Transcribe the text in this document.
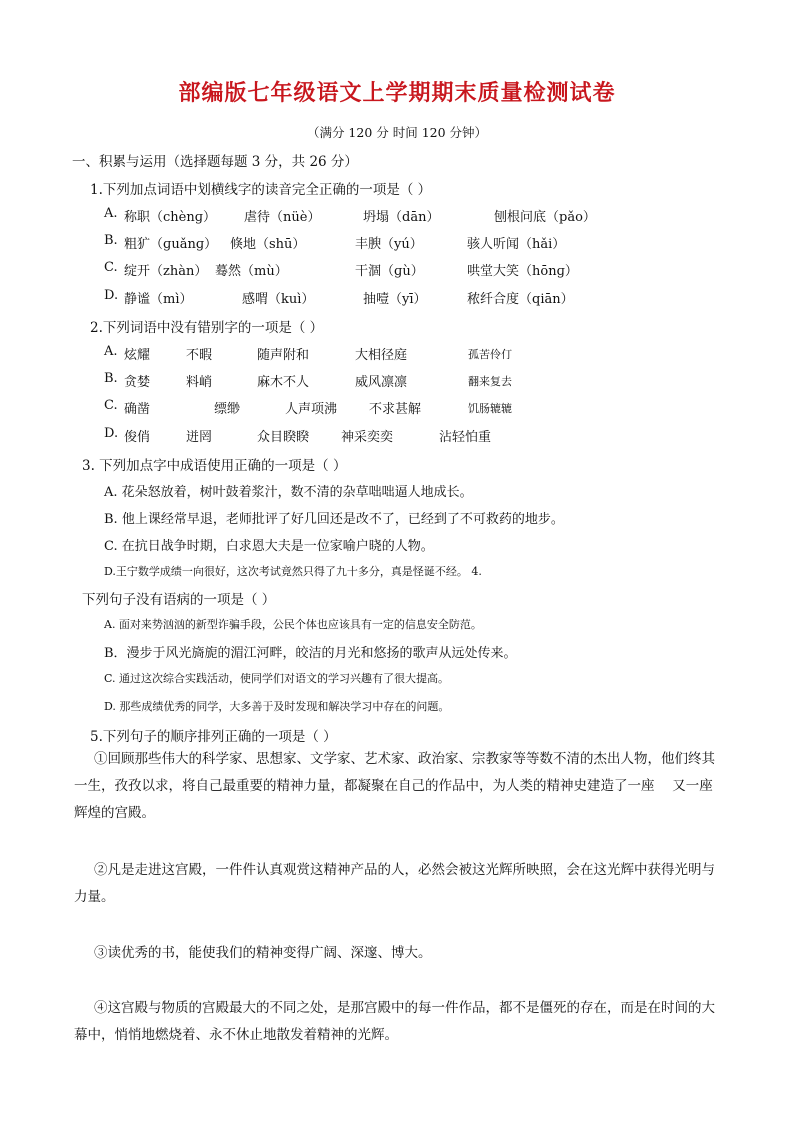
部编版七年级语文上学期期末质量检测试卷
（满分 120 分 时间 120 分钟）
一、积累与运用（选择题每题 3 分，共 26 分）
1.下列加点词语中划横线字的读音完全正确的一项是（ ）
A. 称职（chènɡ） 虐待（nüè）	坍塌（dān）	刨根问底（pǎo）
B. 粗犷（ɡuǎnɡ） 倏地（shū）	丰腴（yú）	骇人听闻（hǎi）
C. 绽开（zhàn） 蓦然（mù）	干涸（ɡù）	哄堂大笑（hōnɡ）
D. 静谧（mì）	感喟（kuì）	抽噎（yī）	秾纤合度（qiān）
2.下列词语中没有错别字的一项是（ ）
A. 炫耀	不暇	随声附和	大相径庭	孤苦伶仃
B. 贪婪	料峭	麻木不人	威风凛凛	翻来复去
C. 确凿	缥缈	人声项沸 不求甚解	饥肠辘辘
D. 俊俏	迸罔	众目睽睽 神采奕奕	沾轻怕重
3. 下列加点字中成语使用正确的一项是（ ）
A. 花朵怒放着，树叶鼓着浆汁，数不清的杂草咄咄逼人地成长。
B. 他上课经常早退，老师批评了好几回还是改不了，已经到了不可救药的地步。
C. 在抗日战争时期，白求恩大夫是一位家喻户晓的人物。
D.王宁数学成绩一向很好，这次考试竟然只得了九十多分，真是怪诞不经。 4.
下列句子没有语病的一项是（ ）
A. 面对来势汹汹的新型诈骗手段，公民个体也应该具有一定的信息安全防范。
B．漫步于风光旖旎的湄江河畔，皎洁的月光和悠扬的歌声从远处传来。
C. 通过这次综合实践活动，使同学们对语文的学习兴趣有了很大提高。
D. 那些成绩优秀的同学，大多善于及时发现和解决学习中存在的问题。
5.下列句子的顺序排列正确的一项是（ ）
①回顾那些伟大的科学家、思想家、文学家、艺术家、政治家、宗教家等等数不清的杰出人物，他们终其一生，孜孜以求，将自己最重要的精神力量，都凝聚在自己的作品中，为人类的精神史建造了一座　 又一座辉煌的宫殿。
②凡是走进这宫殿，一件件认真观赏这精神产品的人，必然会被这光辉所映照，会在这光辉中获得光明与力量。
③读优秀的书，能使我们的精神变得广阔、深邃、博大。
④这宫殿与物质的宫殿最大的不同之处，是那宫殿中的每一件作品，都不是僵死的存在，而是在时间的大幕中，悄悄地燃烧着、永不休止地散发着精神的光辉。
